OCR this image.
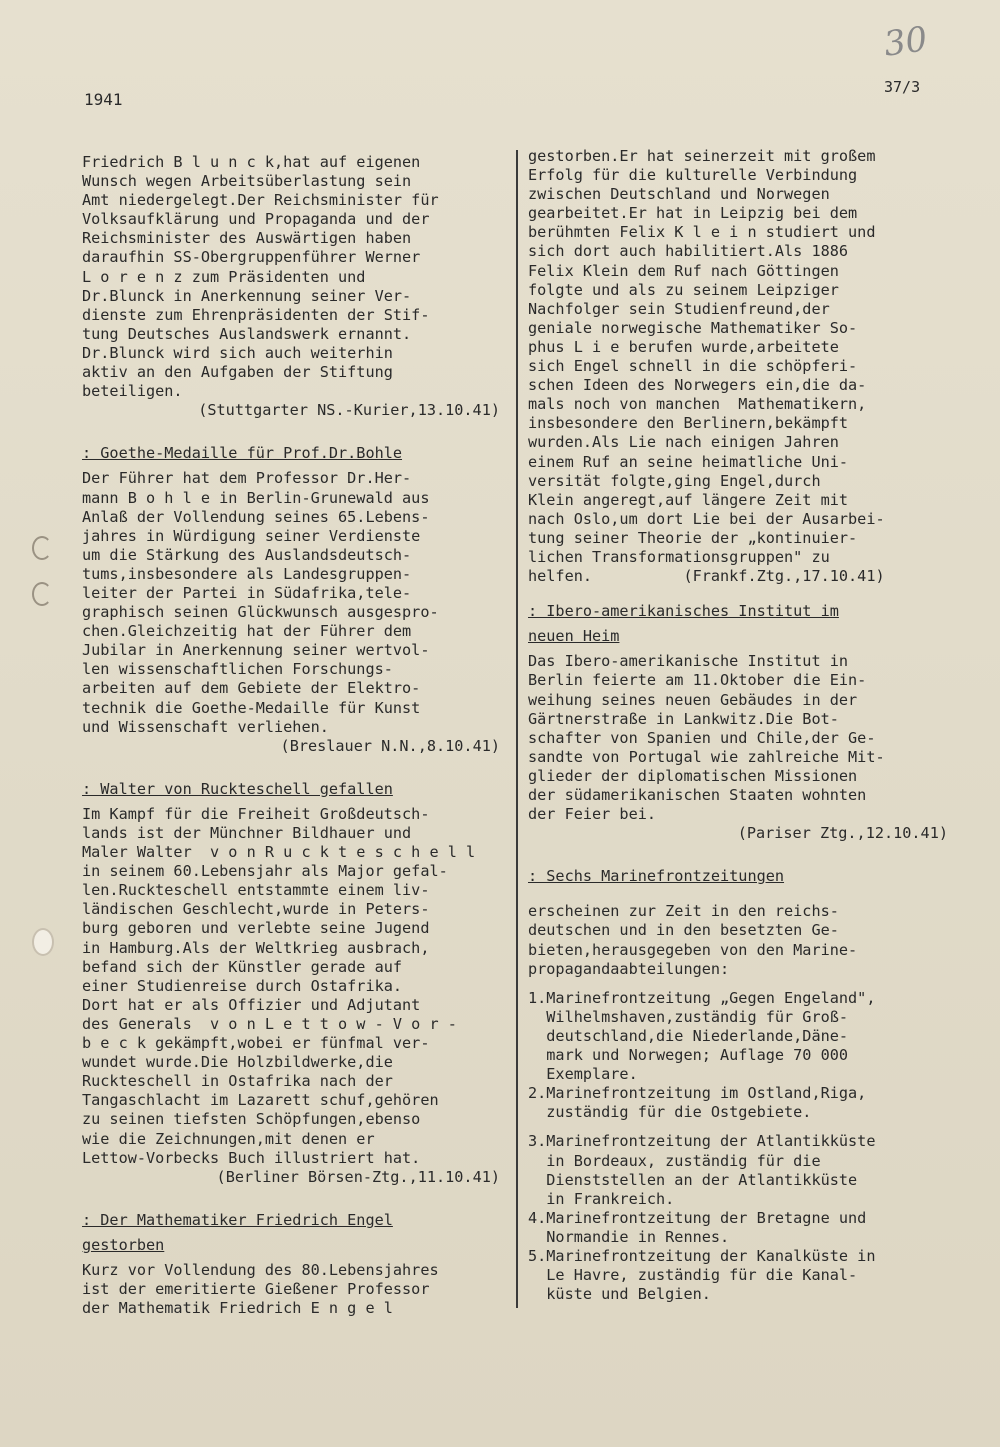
1941
37/3
30
Friedrich B l u n c k,hat auf eigenen
Wunsch wegen Arbeitsüberlastung sein
Amt niedergelegt.Der Reichsminister für
Volksaufklärung und Propaganda und der
Reichsminister des Auswärtigen haben
daraufhin SS-Obergruppenführer Werner
L o r e n z zum Präsidenten und
Dr.Blunck in Anerkennung seiner Ver-
dienste zum Ehrenpräsidenten der Stif-
tung Deutsches Auslandswerk ernannt.
Dr.Blunck wird sich auch weiterhin
aktiv an den Aufgaben der Stiftung
beteiligen.
(Stuttgarter NS.-Kurier,13.10.41)
: Goethe-Medaille für Prof.Dr.Bohle
Der Führer hat dem Professor Dr.Her-
mann B o h l e in Berlin-Grunewald aus
Anlaß der Vollendung seines 65.Lebens-
jahres in Würdigung seiner Verdienste
um die Stärkung des Auslandsdeutsch-
tums,insbesondere als Landesgruppen-
leiter der Partei in Südafrika,tele-
graphisch seinen Glückwunsch ausgespro-
chen.Gleichzeitig hat der Führer dem
Jubilar in Anerkennung seiner wertvol-
len wissenschaftlichen Forschungs-
arbeiten auf dem Gebiete der Elektro-
technik die Goethe-Medaille für Kunst
und Wissenschaft verliehen.
(Breslauer N.N.,8.10.41)
: Walter von Ruckteschell gefallen
Im Kampf für die Freiheit Großdeutsch-
lands ist der Münchner Bildhauer und
Maler Walter  v o n R u c k t e s c h e l l
in seinem 60.Lebensjahr als Major gefal-
len.Ruckteschell entstammte einem liv-
ländischen Geschlecht,wurde in Peters-
burg geboren und verlebte seine Jugend
in Hamburg.Als der Weltkrieg ausbrach,
befand sich der Künstler gerade auf
einer Studienreise durch Ostafrika.
Dort hat er als Offizier und Adjutant
des Generals  v o n L e t t o w - V o r -
b e c k gekämpft,wobei er fünfmal ver-
wundet wurde.Die Holzbildwerke,die
Ruckteschell in Ostafrika nach der
Tangaschlacht im Lazarett schuf,gehören
zu seinen tiefsten Schöpfungen,ebenso
wie die Zeichnungen,mit denen er
Lettow-Vorbecks Buch illustriert hat.
(Berliner Börsen-Ztg.,11.10.41)
: Der Mathematiker Friedrich Engel
gestorben
Kurz vor Vollendung des 80.Lebensjahres
ist der emeritierte Gießener Professor
der Mathematik Friedrich E n g e l
gestorben.Er hat seinerzeit mit großem
Erfolg für die kulturelle Verbindung
zwischen Deutschland und Norwegen
gearbeitet.Er hat in Leipzig bei dem
berühmten Felix K l e i n studiert und
sich dort auch habilitiert.Als 1886
Felix Klein dem Ruf nach Göttingen
folgte und als zu seinem Leipziger
Nachfolger sein Studienfreund,der
geniale norwegische Mathematiker So-
phus L i e berufen wurde,arbeitete
sich Engel schnell in die schöpferi-
schen Ideen des Norwegers ein,die da-
mals noch von manchen  Mathematikern,
insbesondere den Berlinern,bekämpft
wurden.Als Lie nach einigen Jahren
einem Ruf an seine heimatliche Uni-
versität folgte,ging Engel,durch
Klein angeregt,auf längere Zeit mit
nach Oslo,um dort Lie bei der Ausarbei-
tung seiner Theorie der „kontinuier-
lichen Transformationsgruppen" zu
helfen.          (Frankf.Ztg.,17.10.41)
: Ibero-amerikanisches Institut im
neuen Heim
Das Ibero-amerikanische Institut in
Berlin feierte am 11.Oktober die Ein-
weihung seines neuen Gebäudes in der
Gärtnerstraße in Lankwitz.Die Bot-
schafter von Spanien und Chile,der Ge-
sandte von Portugal wie zahlreiche Mit-
glieder der diplomatischen Missionen
der südamerikanischen Staaten wohnten
der Feier bei.
(Pariser Ztg.,12.10.41)
: Sechs Marinefrontzeitungen
erscheinen zur Zeit in den reichs-
deutschen und in den besetzten Ge-
bieten,herausgegeben von den Marine-
propagandaabteilungen:
1.Marinefrontzeitung „Gegen Engeland",
Wilhelmshaven,zuständig für Groß-
deutschland,die Niederlande,Däne-
mark und Norwegen; Auflage 70 000
Exemplare.
2.Marinefrontzeitung im Ostland,Riga,
zuständig für die Ostgebiete.
3.Marinefrontzeitung der Atlantikküste
in Bordeaux, zuständig für die
Dienststellen an der Atlantikküste
in Frankreich.
4.Marinefrontzeitung der Bretagne und
Normandie in Rennes.
5.Marinefrontzeitung der Kanalküste in
Le Havre, zuständig für die Kanal-
küste und Belgien.
